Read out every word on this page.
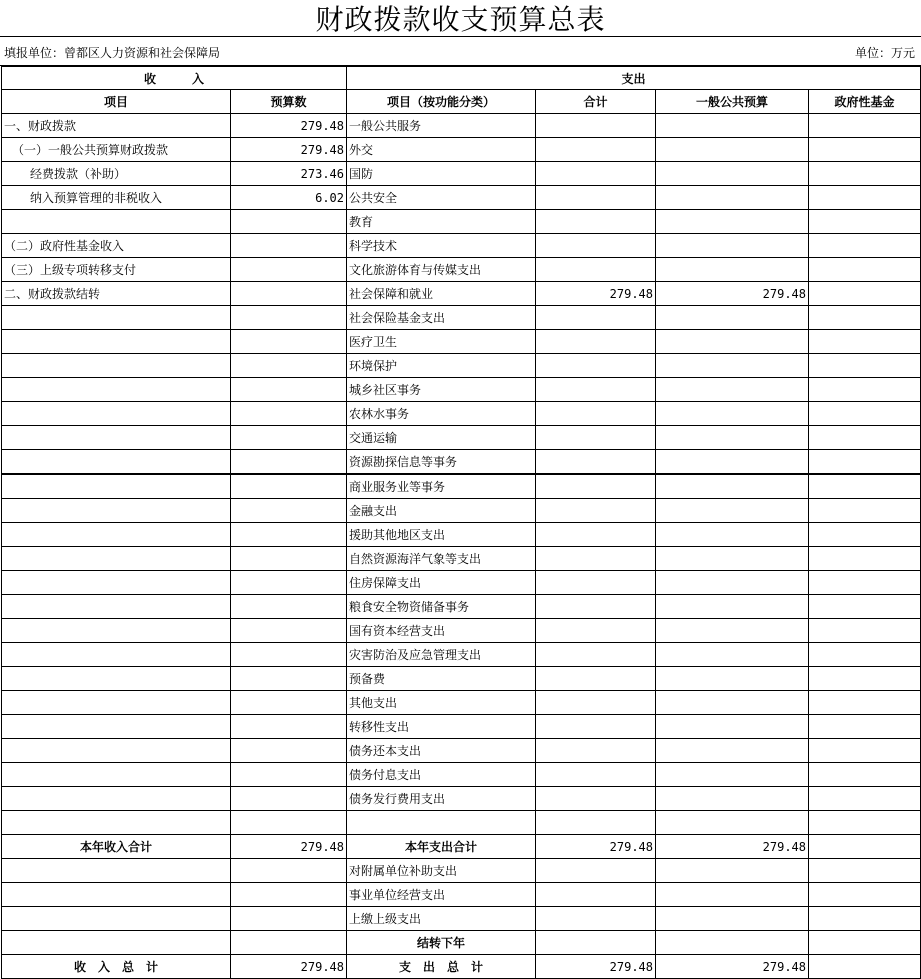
财政拨款收支预算总表
填报单位：曾都区人力资源和社会保障局	单位：万元
收　　　入		支出			
项目	预算数	项目（按功能分类）	合计	一般公共预算	政府性基金
一、财政拨款	279.48	一般公共服务			
（一）一般公共预算财政拨款	279.48	外交			
经费拨款（补助）	273.46	国防			
纳入预算管理的非税收入	6.02	公共安全			
		教育			
（二）政府性基金收入		科学技术			
（三）上级专项转移支付		文化旅游体育与传媒支出			
二、财政拨款结转		社会保障和就业	279.48	279.48	
		社会保险基金支出			
		医疗卫生			
		环境保护			
		城乡社区事务			
		农林水事务			
		交通运输			
		资源勘探信息等事务			
		商业服务业等事务			
		金融支出			
		援助其他地区支出			
		自然资源海洋气象等支出			
		住房保障支出			
		粮食安全物资储备事务			
		国有资本经营支出			
		灾害防治及应急管理支出			
		预备费			
		其他支出			
		转移性支出			
		债务还本支出			
		债务付息支出			
		债务发行费用支出			

本年收入合计	279.48	本年支出合计	279.48	279.48	
		对附属单位补助支出			
		事业单位经营支出			
		上缴上级支出			
		结转下年			
收　入　总　计	279.48	支　出　总　计	279.48	279.48	
